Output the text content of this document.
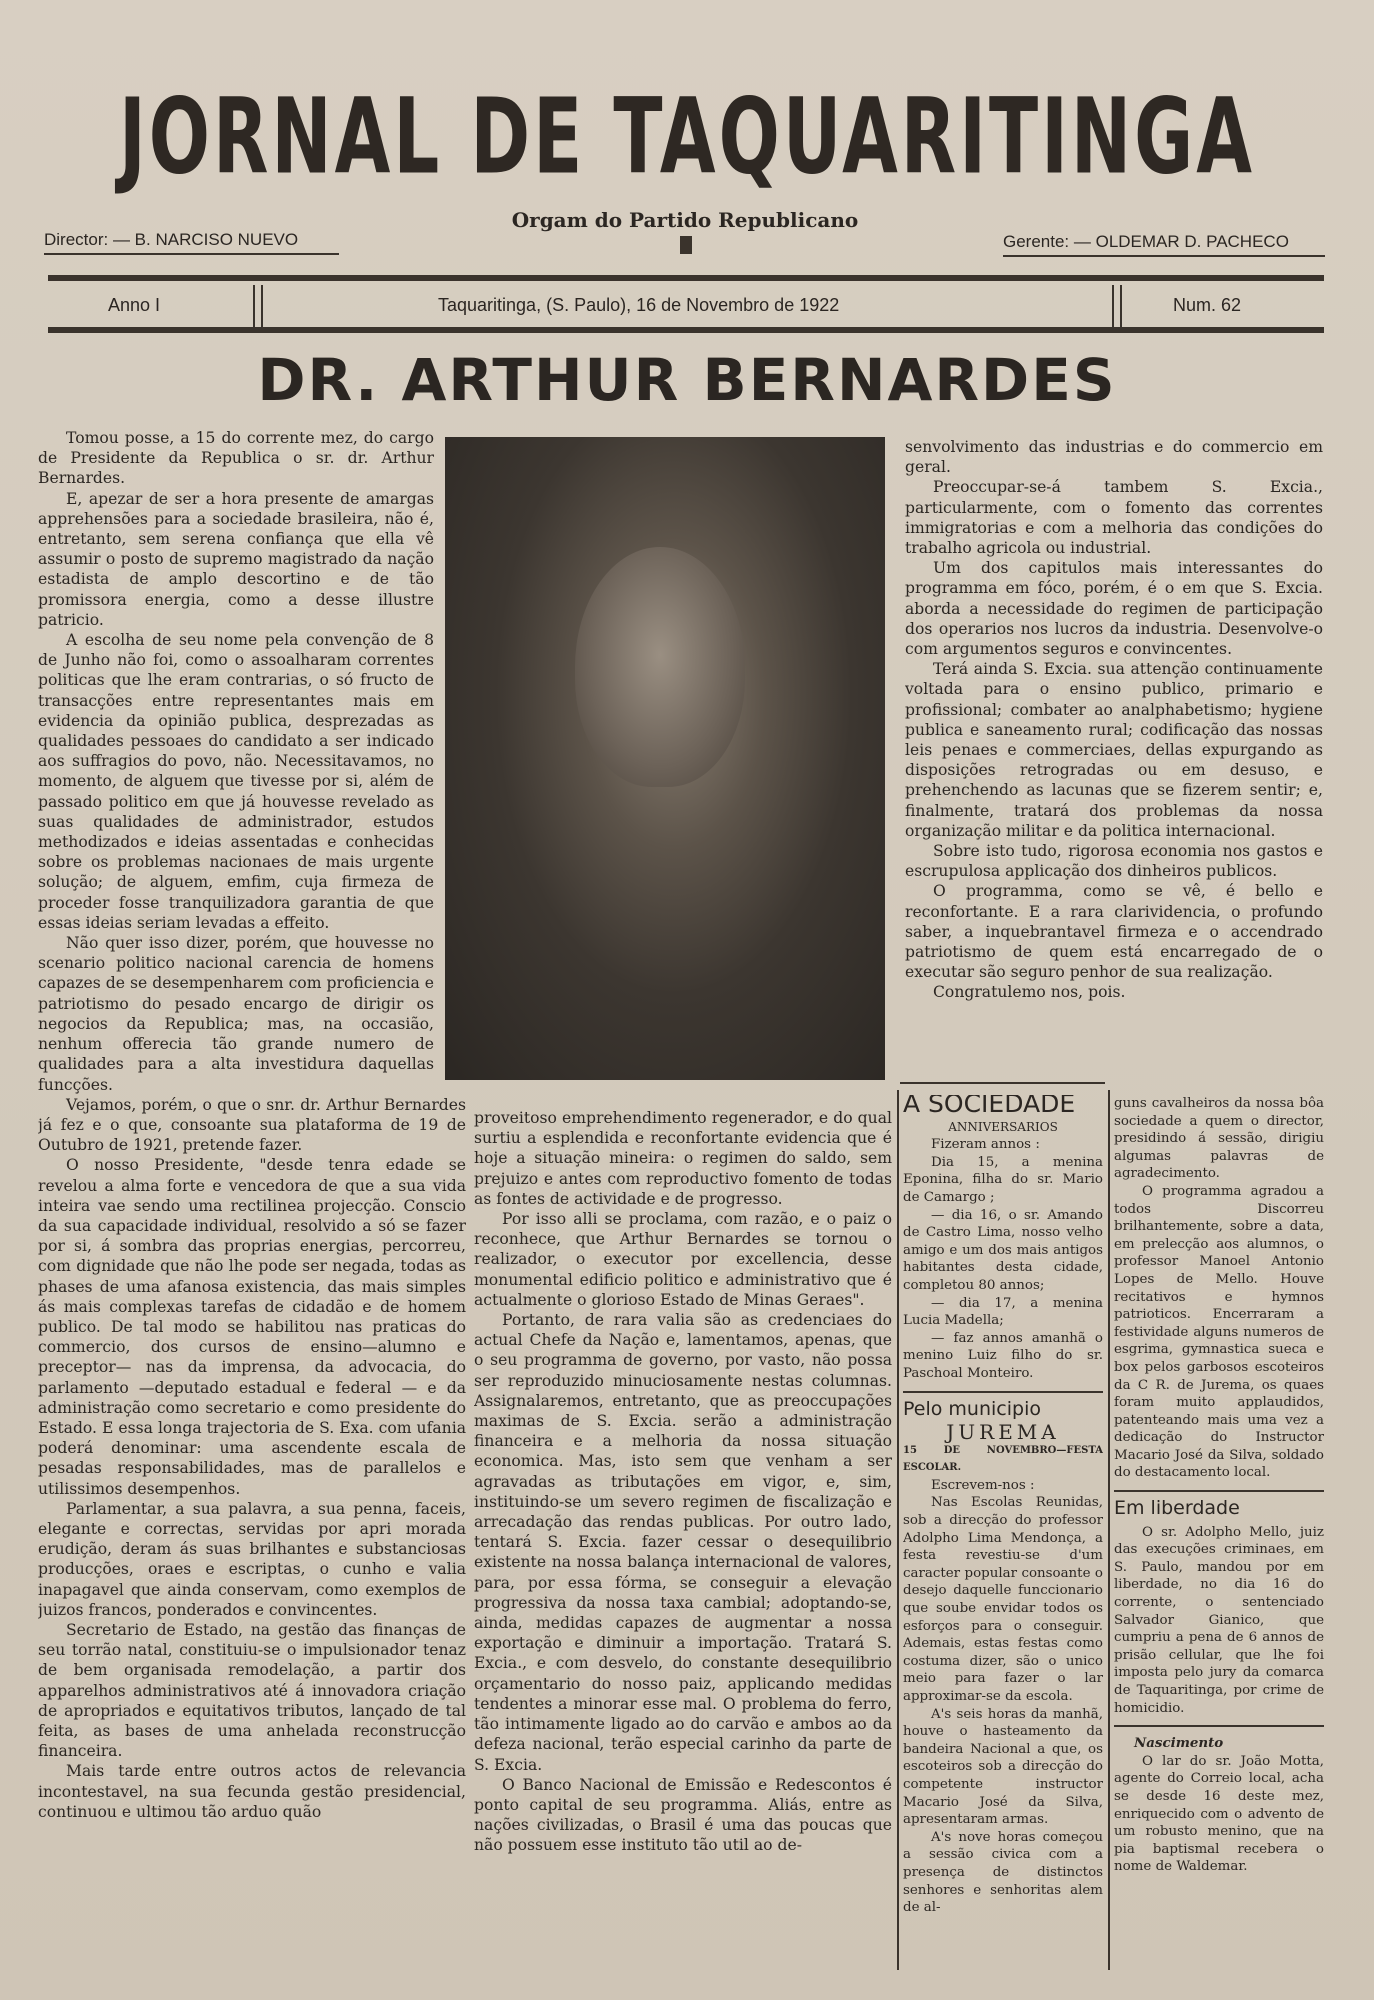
JORNAL DE TAQUARITINGA
Orgam do Partido Republicano
Director: — B. NARCISO NUEVO	Gerente: — OLDEMAR D. PACHECO
Anno I	Taquaritinga, (S. Paulo), 16 de Novembro de 1922	Num. 62
DR. ARTHUR BERNARDES

Tomou posse, a 15 do corrente mez, do cargo de Presidente da Republica o sr. dr. Arthur Bernardes.

E, apezar de ser a hora presente de amargas apprehensões para a sociedade brasileira, não é, entretanto, sem serena confiança que ella vê assumir o posto de supremo magistrado da nação estadista de amplo descortino e de tão promissora energia, como a desse illustre patricio.

A escolha de seu nome pela convenção de 8 de Junho não foi, como o assoalharam correntes politicas que lhe eram contrarias, o só fructo de transacções entre representantes mais em evidencia da opinião publica, desprezadas as qualidades pessoaes do candidato a ser indicado aos suffragios do povo, não. Necessitavamos, no momento, de alguem que tivesse por si, além de passado politico em que já houvesse revelado as suas qualidades de administrador, estudos methodizados e ideias assentadas e conhecidas sobre os problemas nacionaes de mais urgente solução; de alguem, emfim, cuja firmeza de proceder fosse tranquilizadora garantia de que essas ideias seriam levadas a effeito.

Não quer isso dizer, porém, que houvesse no scenario politico nacional carencia de homens capazes de se desempenharem com proficiencia e patriotismo do pesado encargo de dirigir os negocios da Republica; mas, na occasião, nenhum offerecia tão grande numero de qualidades para a alta investidura daquellas funcções.

Vejamos, porém, o que o snr. dr. Arthur Bernardes já fez e o que, consoante sua plataforma de 19 de Outubro de 1921, pretende fazer.

O nosso Presidente, "desde tenra edade se revelou a alma forte e vencedora de que a sua vida inteira vae sendo uma rectilinea projecção. Conscio da sua capacidade individual, resolvido a só se fazer por si, á sombra das proprias energias, percorreu, com dignidade que não lhe pode ser negada, todas as phases de uma afanosa existencia, das mais simples ás mais complexas tarefas de cidadão e de homem publico. De tal modo se habilitou nas praticas do commercio, dos cursos de ensino—alumno e preceptor— nas da imprensa, da advocacia, do parlamento —deputado estadual e federal — e da administração como secretario e como presidente do Estado. E essa longa trajectoria de S. Exa. com ufania poderá denominar: uma ascendente escala de pesadas responsabilidades, mas de parallelos e utilissimos desempenhos.

Parlamentar, a sua palavra, a sua penna, faceis, elegante e correctas, servidas por apri morada erudição, deram ás suas brilhantes e substanciosas producções, oraes e escriptas, o cunho e valia inapagavel que ainda conservam, como exemplos de juizos francos, ponderados e convincentes.

Secretario de Estado, na gestão das finanças de seu torrão natal, constituiu-se o impulsionador tenaz de bem organisada remodelação, a partir dos apparelhos administrativos até á innovadora criação de apropriados e equitativos tributos, lançado de tal feita, as bases de uma anhelada reconstrucção financeira.

Mais tarde entre outros actos de relevancia incontestavel, na sua fecunda gestão presidencial, continuou e ultimou tão arduo quão

senvolvimento das industrias e do commercio em geral.

Preoccupar-se-á tambem S. Excia., particularmente, com o fomento das correntes immigratorias e com a melhoria das condições do trabalho agricola ou industrial.

Um dos capitulos mais interessantes do programma em fóco, porém, é o em que S. Excia. aborda a necessidade do regimen de participação dos operarios nos lucros da industria. Desenvolve-o com argumentos seguros e convincentes.

Terá ainda S. Excia. sua attenção continuamente voltada para o ensino publico, primario e profissional; combater ao analphabetismo; hygiene publica e saneamento rural; codificação das nossas leis penaes e commerciaes, dellas expurgando as disposições retrogradas ou em desuso, e prehenchendo as lacunas que se fizerem sentir; e, finalmente, tratará dos problemas da nossa organização militar e da politica internacional.

Sobre isto tudo, rigorosa economia nos gastos e escrupulosa applicação dos dinheiros publicos.

O programma, como se vê, é bello e reconfortante. E a rara clarividencia, o profundo saber, a inquebrantavel firmeza e o accendrado patriotismo de quem está encarregado de o executar são seguro penhor de sua realização.

Congratulemo nos, pois.

proveitoso emprehendimento regenerador, e do qual surtiu a esplendida e reconfortante evidencia que é hoje a situação mineira: o regimen do saldo, sem prejuizo e antes com reproductivo fomento de todas as fontes de actividade e de progresso.

Por isso alli se proclama, com razão, e o paiz o reconhece, que Arthur Bernardes se tornou o realizador, o executor por excellencia, desse monumental edificio politico e administrativo que é actualmente o glorioso Estado de Minas Geraes".

Portanto, de rara valia são as credenciaes do actual Chefe da Nação e, lamentamos, apenas, que o seu programma de governo, por vasto, não possa ser reproduzido minuciosamente nestas columnas. Assignalaremos, entretanto, que as preoccupações maximas de S. Excia. serão a administração financeira e a melhoria da nossa situação economica. Mas, isto sem que venham a ser agravadas as tributações em vigor, e, sim, instituindo-se um severo regimen de fiscalização e arrecadação das rendas publicas. Por outro lado, tentará S. Excia. fazer cessar o desequilibrio existente na nossa balança internacional de valores, para, por essa fórma, se conseguir a elevação progressiva da nossa taxa cambial; adoptando-se, ainda, medidas capazes de augmentar a nossa exportação e diminuir a importação. Tratará S. Excia., e com desvelo, do constante desequilibrio orçamentario do nosso paiz, applicando medidas tendentes a minorar esse mal. O problema do ferro, tão intimamente ligado ao do carvão e ambos ao da defeza nacional, terão especial carinho da parte de S. Excia.

O Banco Nacional de Emissão e Redescontos é ponto capital de seu programma. Aliás, entre as nações civilizadas, o Brasil é uma das poucas que não possuem esse instituto tão util ao de-

A SOCIEDADE
ANNIVERSARIOS

Fizeram annos :

Dia 15, a menina Eponina, filha do sr. Mario de Camargo ;

— dia 16, o sr. Amando de Castro Lima, nosso velho amigo e um dos mais antigos habitantes desta cidade, completou 80 annos;

— dia 17, a menina Lucia Madella;

— faz annos amanhã o menino Luiz filho do sr. Paschoal Monteiro.

Pelo municipio
JUREMA
15 DE NOVEMBRO—FESTA ESCOLAR.

Escrevem-nos :

Nas Escolas Reunidas, sob a direcção do professor Adolpho Lima Mendonça, a festa revestiu-se d'um caracter popular consoante o desejo daquelle funccionario que soube envidar todos os esforços para o conseguir. Ademais, estas festas como costuma dizer, são o unico meio para fazer o lar approximar-se da escola.

A's seis horas da manhã, houve o hasteamento da bandeira Nacional a que, os escoteiros sob a direcção do competente instructor Macario José da Silva, apresentaram armas.

A's nove horas começou a sessão civica com a presença de distinctos senhores e senhoritas alem de al-

guns cavalheiros da nossa bôa sociedade a quem o director, presidindo á sessão, dirigiu algumas palavras de agradecimento.

O programma agradou a todos Discorreu brilhantemente, sobre a data, em prelecção aos alumnos, o professor Manoel Antonio Lopes de Mello. Houve recitativos e hymnos patrioticos. Encerraram a festividade alguns numeros de esgrima, gymnastica sueca e box pelos garbosos escoteiros da C R. de Jurema, os quaes foram muito applaudidos, patenteando mais uma vez a dedicação do Instructor Macario José da Silva, soldado do destacamento local.

Em liberdade

O sr. Adolpho Mello, juiz das execuções criminaes, em S. Paulo, mandou por em liberdade, no dia 16 do corrente, o sentenciado Salvador Gianico, que cumpriu a pena de 6 annos de prisão cellular, que lhe foi imposta pelo jury da comarca de Taquaritinga, por crime de homicidio.

Nascimento

O lar do sr. João Motta, agente do Correio local, acha se desde 16 deste mez, enriquecido com o advento de um robusto menino, que na pia baptismal recebera o nome de Waldemar.
